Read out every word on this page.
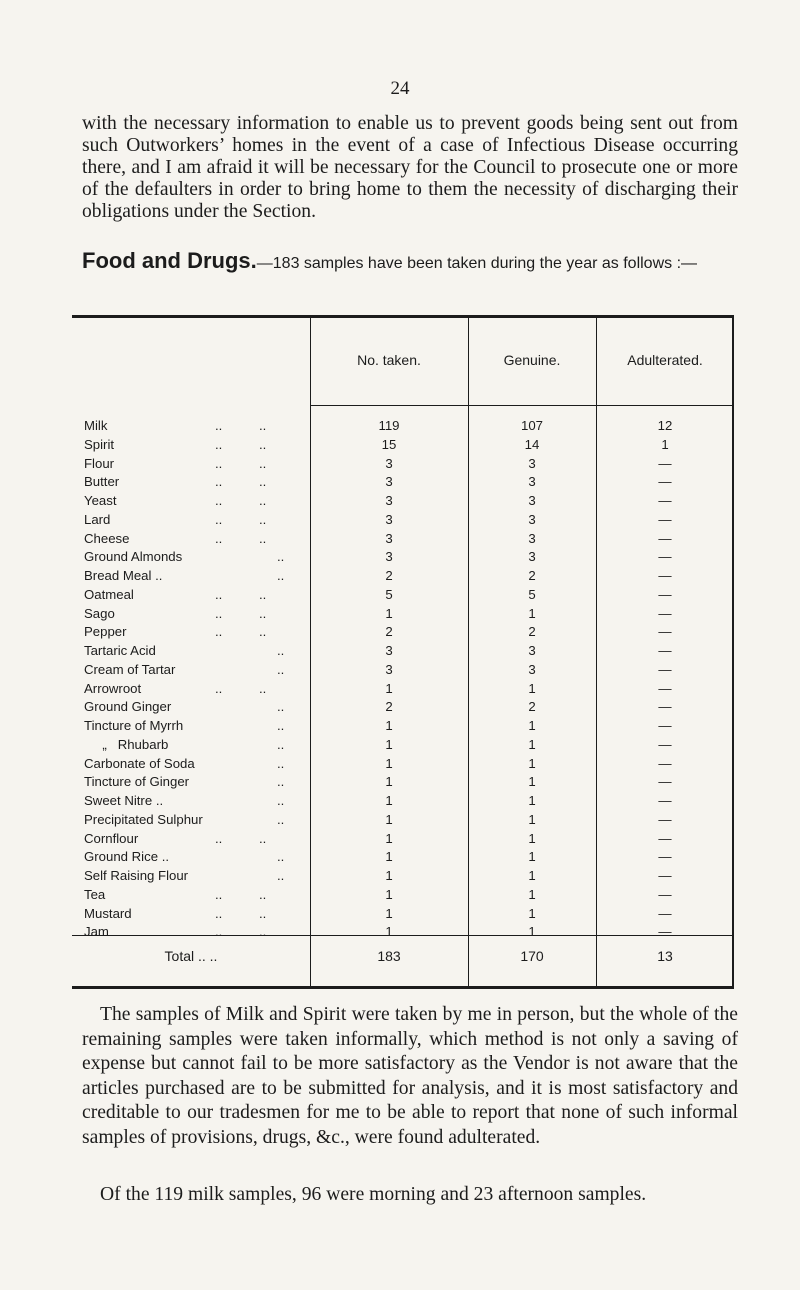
24

with the necessary information to enable us to prevent goods being sent out from such Outworkers’ homes in the event of a case of Infectious Disease occurring there, and I am afraid it will be necessary for the Council to prosecute one or more of the defaulters in order to bring home to them the necessity of discharging their obligations under the Section.

Food and Drugs.—183 samples have been taken during the year as follows :—

No. taken.	Genuine.	Adulterated.
Milk	..          ..	119	107	12
Spirit	..          ..	15	14	1
Flour	..          ..	3	3	—
Butter	..          ..	3	3	—
Yeast	..          ..	3	3	—
Lard	..          ..	3	3	—
Cheese	..          ..	3	3	—
Ground Almonds	..	3	3	—
Bread Meal ..	..	2	2	—
Oatmeal	..          ..	5	5	—
Sago	..          ..	1	1	—
Pepper	..          ..	2	2	—
Tartaric Acid	..	3	3	—
Cream of Tartar	..	3	3	—
Arrowroot	..          ..	1	1	—
Ground Ginger	..	2	2	—
Tincture of Myrrh	..	1	1	—
„   Rhubarb	..	1	1	—
Carbonate of Soda	..	1	1	—
Tincture of Ginger	..	1	1	—
Sweet Nitre ..	..	1	1	—
Precipitated Sulphur	..	1	1	—
Cornflour	..          ..	1	1	—
Ground Rice ..	..	1	1	—
Self Raising Flour	..	1	1	—
Tea	..          ..	1	1	—
Mustard	..          ..	1	1	—
Jam	..          ..	1	1	—
Total .. ..	183	170	13

The samples of Milk and Spirit were taken by me in person, but the whole of the remaining samples were taken informally, which method is not only a saving of expense but cannot fail to be more satisfactory as the Vendor is not aware that the articles purchased are to be submitted for analysis, and it is most satisfactory and creditable to our tradesmen for me to be able to report that none of such informal samples of provisions, drugs, &c., were found adulterated.

Of the 119 milk samples, 96 were morning and 23 afternoon samples.
